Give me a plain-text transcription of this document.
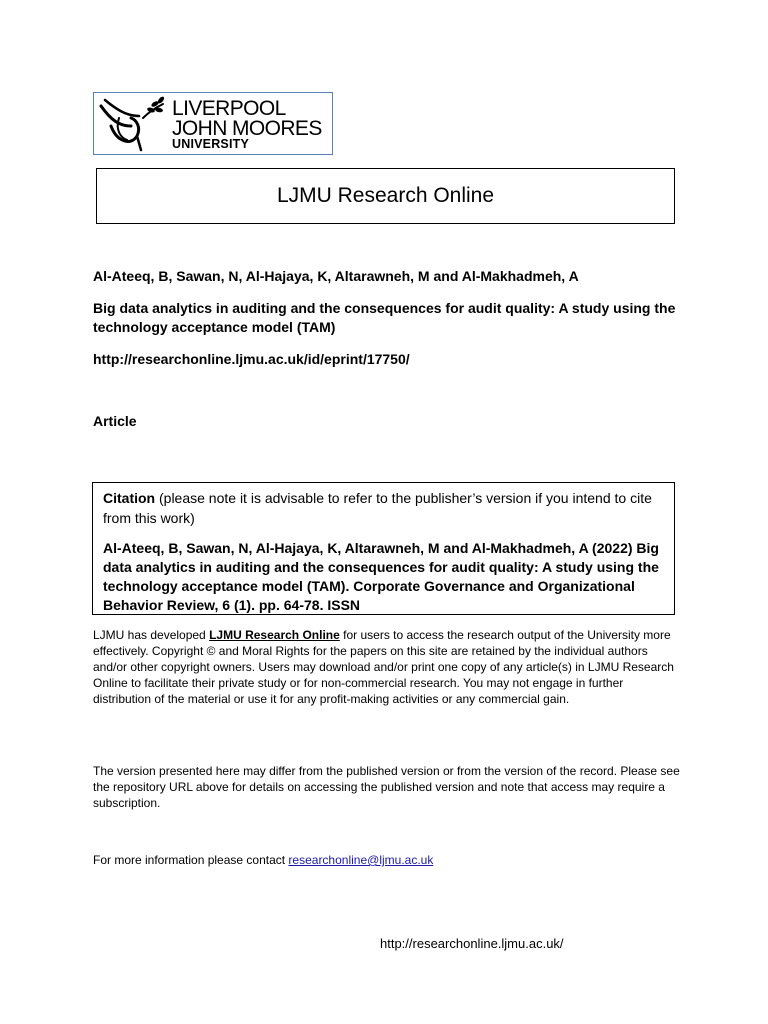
LIVERPOOL
JOHN MOORES
UNIVERSITY
LJMU Research Online
Al-Ateeq, B, Sawan, N, Al-Hajaya, K, Altarawneh, M and Al-Makhadmeh, A
Big data analytics in auditing and the consequences for audit quality: A study using the technology acceptance model (TAM)
http://researchonline.ljmu.ac.uk/id/eprint/17750/
Article
Citation (please note it is advisable to refer to the publisher’s version if you intend to cite from this work)
Al-Ateeq, B, Sawan, N, Al-Hajaya, K, Altarawneh, M and Al-Makhadmeh, A (2022) Big data analytics in auditing and the consequences for audit quality: A study using the technology acceptance model (TAM). Corporate Governance and Organizational Behavior Review, 6 (1). pp. 64-78. ISSN
LJMU has developed LJMU Research Online for users to access the research output of the University more effectively. Copyright © and Moral Rights for the papers on this site are retained by the individual authors and/or other copyright owners. Users may download and/or print one copy of any article(s) in LJMU Research Online to facilitate their private study or for non-commercial research. You may not engage in further distribution of the material or use it for any profit-making activities or any commercial gain.
The version presented here may differ from the published version or from the version of the record. Please see the repository URL above for details on accessing the published version and note that access may require a subscription.
For more information please contact researchonline@ljmu.ac.uk
http://researchonline.ljmu.ac.uk/
